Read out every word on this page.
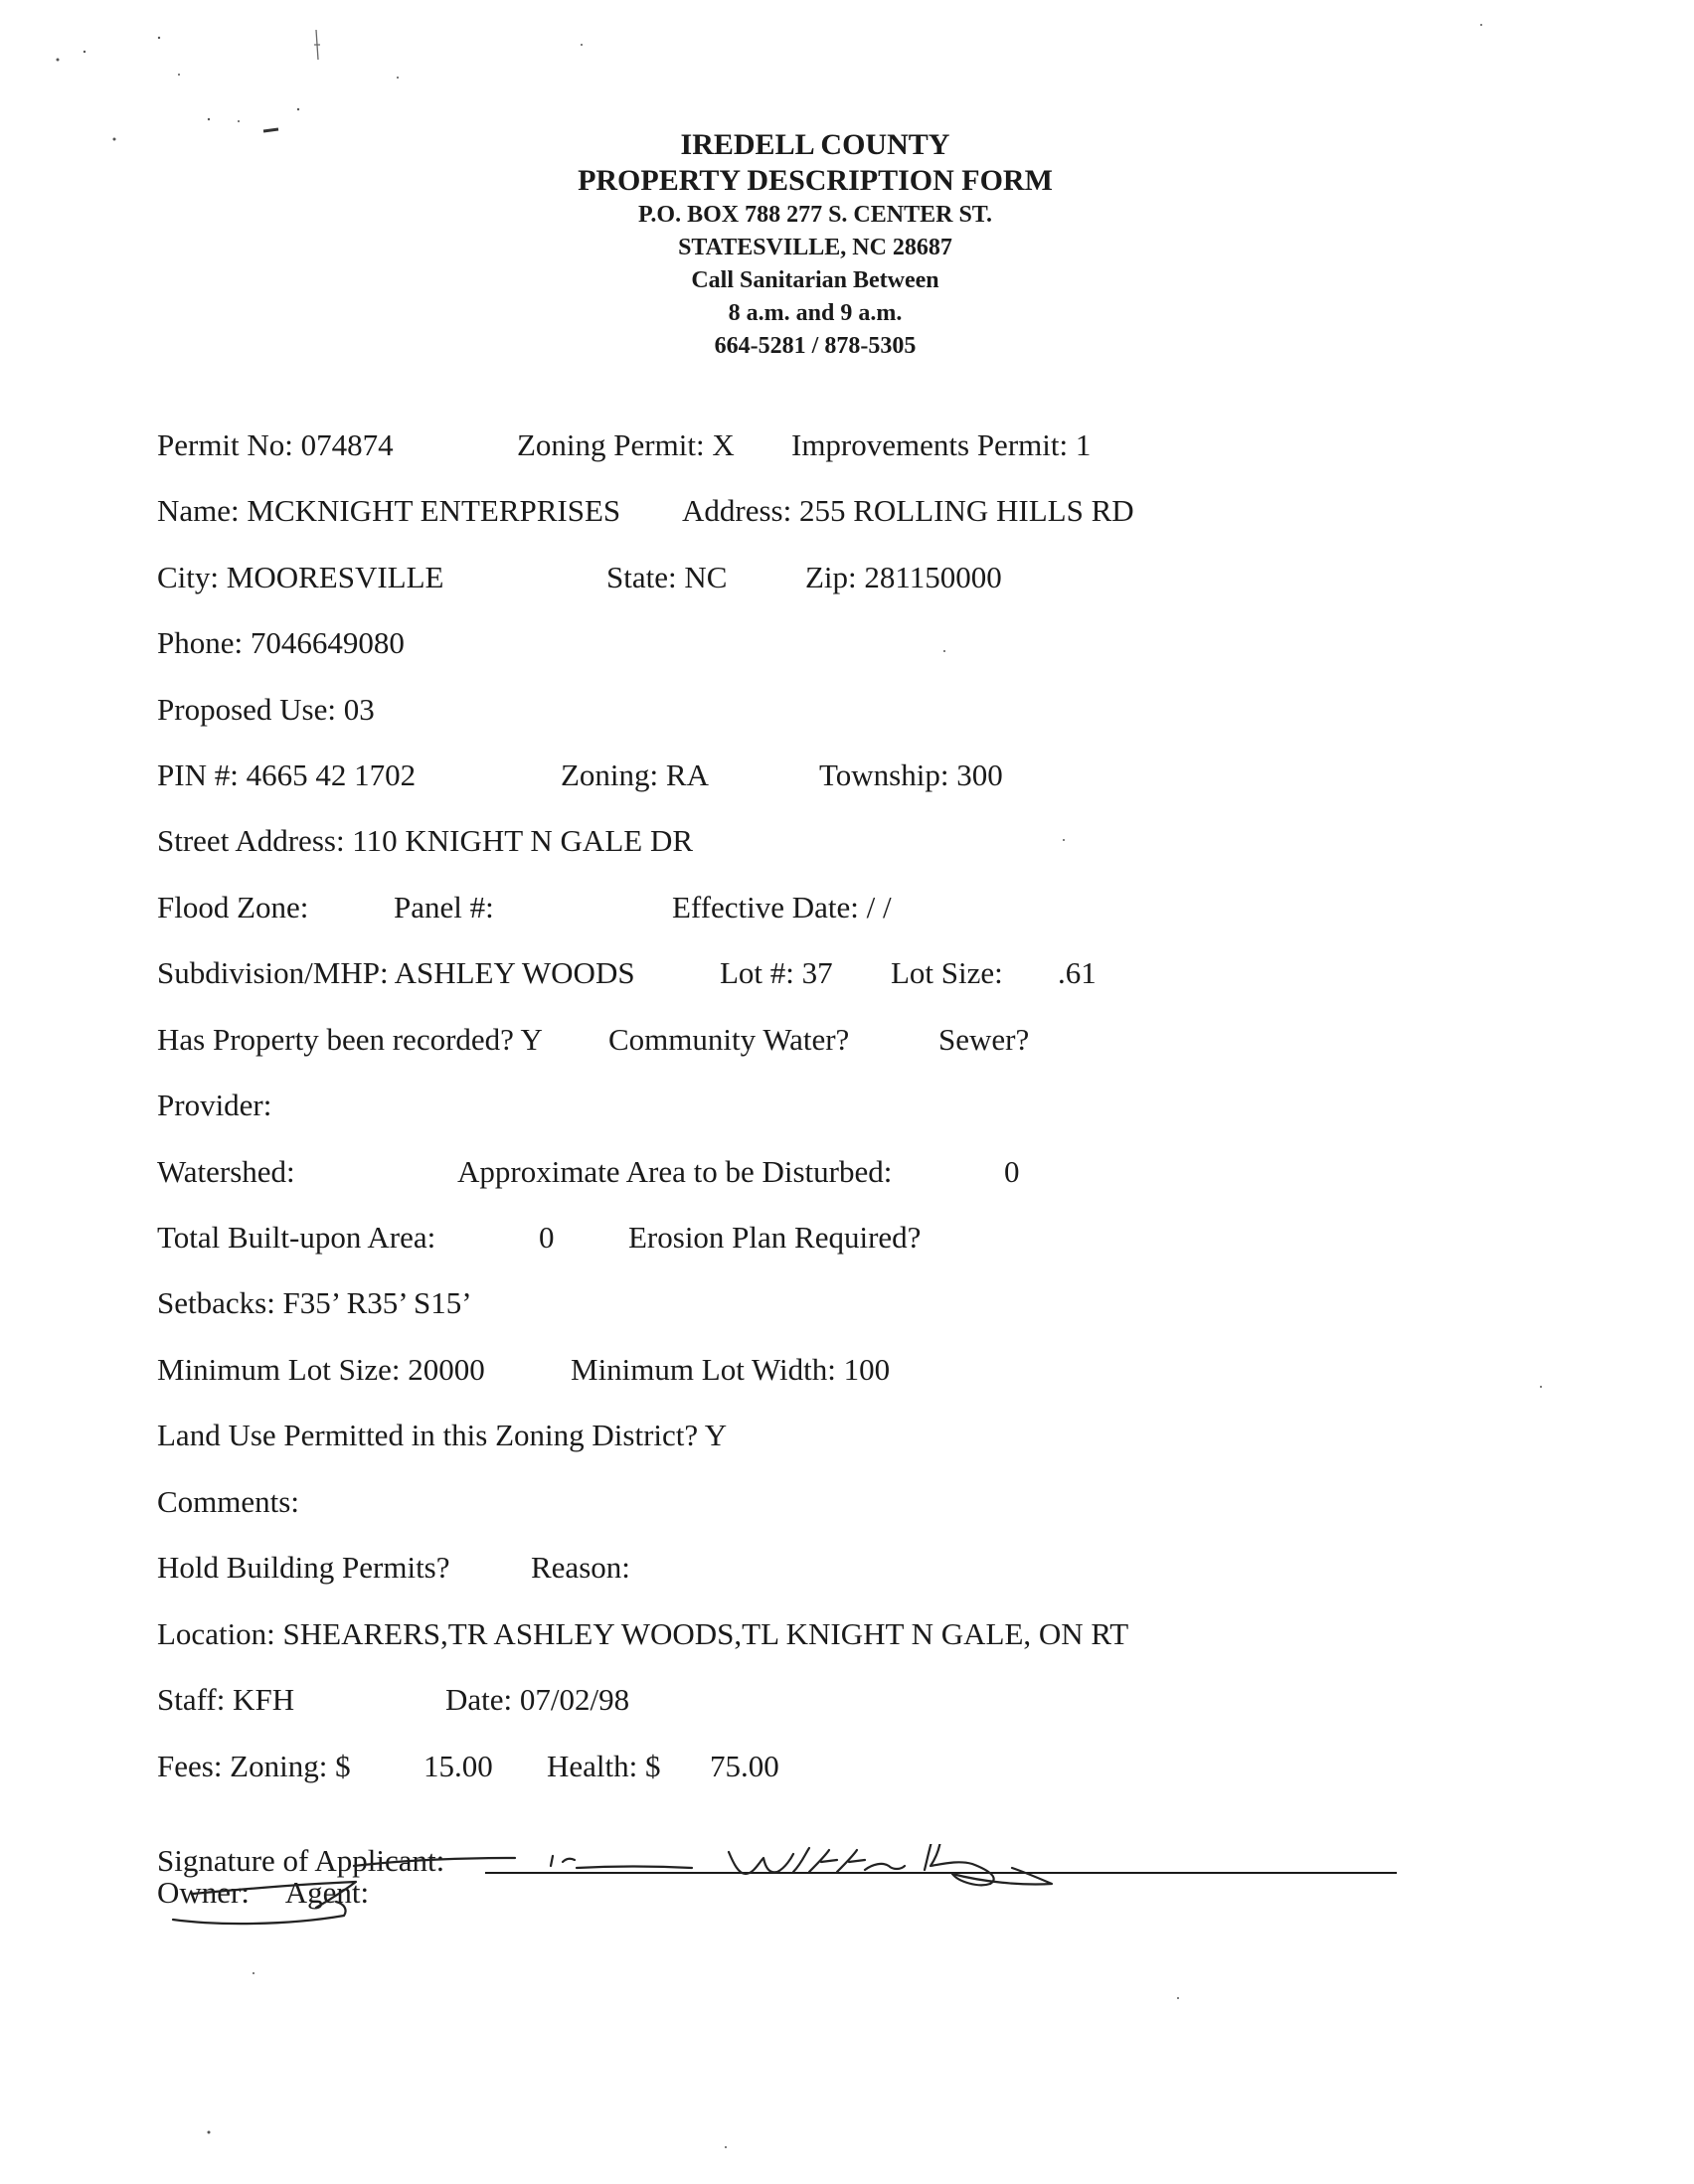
IREDELL COUNTY
PROPERTY DESCRIPTION FORM
P.O. BOX 788 277 S. CENTER ST.
STATESVILLE, NC 28687
Call Sanitarian Between
8 a.m. and 9 a.m.
664-5281 / 878-5305
Permit No: 074874	Zoning Permit: X Improvements Permit: 1
Name: MCKNIGHT ENTERPRISES Address: 255 ROLLING HILLS RD
City: MOORESVILLE	State: NC	Zip: 281150000
Phone: 7046649080
Proposed Use: 03
PIN #: 4665 42 1702	Zoning: RA	Township: 300
Street Address: 110 KNIGHT N GALE DR
Flood Zone:	Panel #:	Effective Date: / /
Subdivision/MHP: ASHLEY WOODS	Lot #: 37 Lot Size: .61
Has Property been recorded? Y Community Water?	Sewer?
Provider:
Watershed:	Approximate Area to be Disturbed:	0
Total Built-upon Area:	0 Erosion Plan Required?
Setbacks: F35’ R35’ S15’
Minimum Lot Size: 20000	Minimum Lot Width: 100
Land Use Permitted in this Zoning District? Y
Comments:
Hold Building Permits?	Reason:
Location: SHEARERS,TR ASHLEY WOODS,TL KNIGHT N GALE, ON RT
Staff: KFH	Date: 07/02/98
Fees: Zoning: $ 15.00 Health: $ 75.00
Signature of Applicant:
Owner: Agent:
